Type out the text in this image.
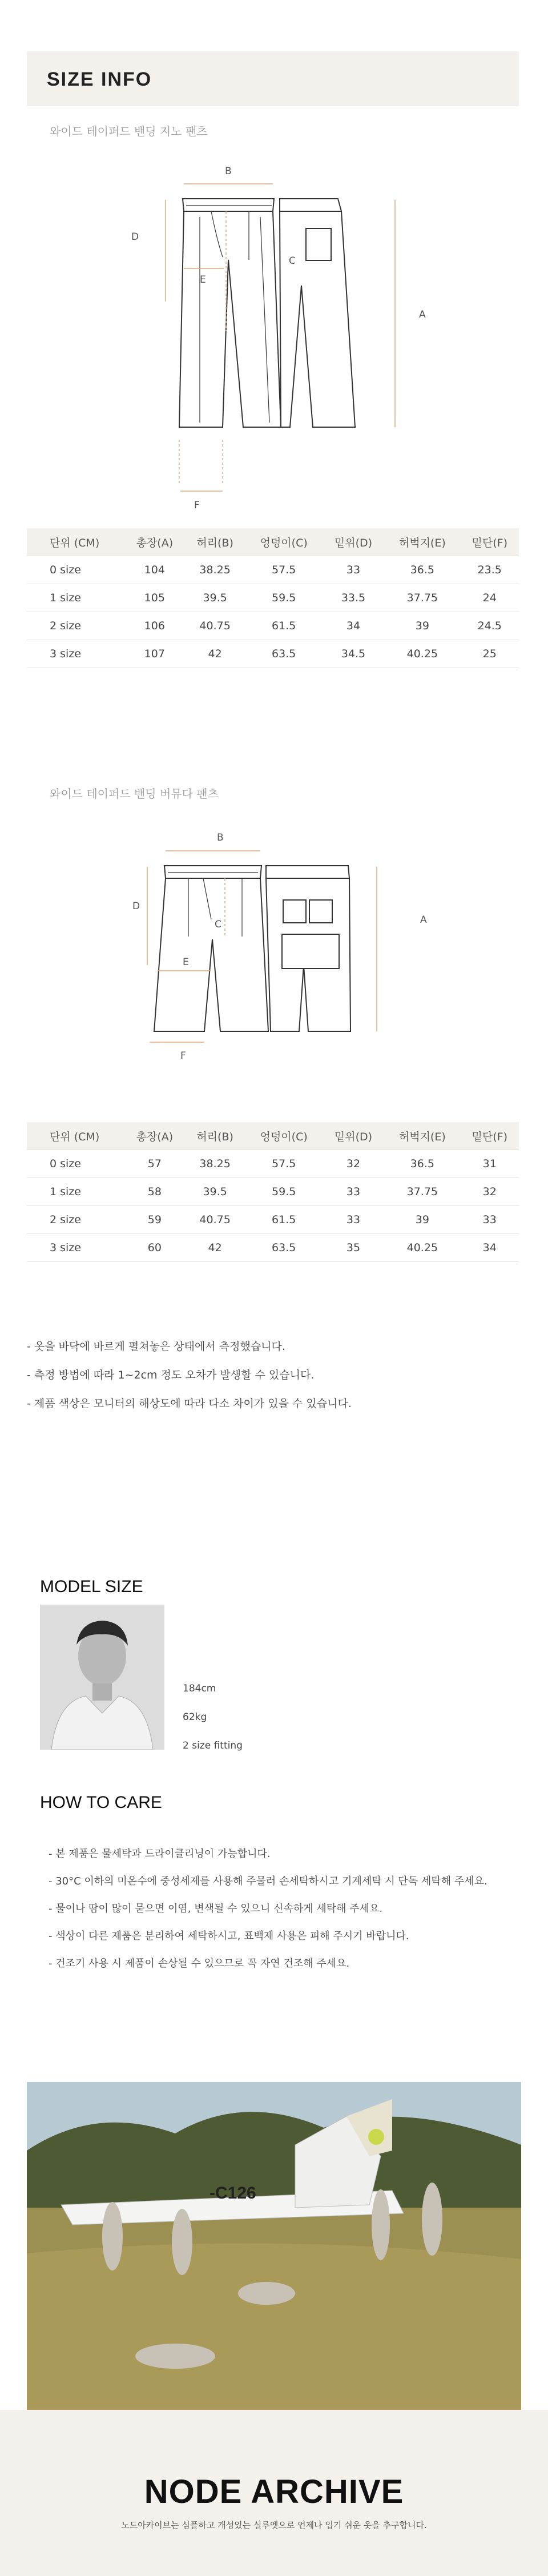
SIZE INFO
와이드 테이퍼드 밴딩 지노 팬츠
B
D
C
E
A
F
단위 (CM)	총장(A)	허리(B)	엉덩이(C)	밑위(D)	허벅지(E)	밑단(F)
0 size	104	38.25	57.5	33	36.5	23.5
1 size	105	39.5	59.5	33.5	37.75	24
2 size	106	40.75	61.5	34	39	24.5
3 size	107	42	63.5	34.5	40.25	25
와이드 테이퍼드 밴딩 버뮤다 팬츠
B
D
C
E
A
F
단위 (CM)	총장(A)	허리(B)	엉덩이(C)	밑위(D)	허벅지(E)	밑단(F)
0 size	57	38.25	57.5	32	36.5	31
1 size	58	39.5	59.5	33	37.75	32
2 size	59	40.75	61.5	33	39	33
3 size	60	42	63.5	35	40.25	34
- 옷을 바닥에 바르게 펼쳐놓은 상태에서 측정했습니다.
- 측정 방법에 따라 1~2cm 정도 오차가 발생할 수 있습니다.
- 제품 색상은 모니터의 해상도에 따라 다소 차이가 있을 수 있습니다.
MODEL SIZE
184cm
62kg
2 size fitting
HOW TO CARE
- 본 제품은 물세탁과 드라이클리닝이 가능합니다.
- 30°C 이하의 미온수에 중성세제를 사용해 주물러 손세탁하시고 기계세탁 시 단독 세탁해 주세요.
- 물이나 땀이 많이 묻으면 이염, 변색될 수 있으니 신속하게 세탁해 주세요.
- 색상이 다른 제품은 분리하여 세탁하시고, 표백제 사용은 피해 주시기 바랍니다.
- 건조기 사용 시 제품이 손상될 수 있으므로 꼭 자연 건조해 주세요.
-C126
NODE ARCHIVE
노드아카이브는 심플하고 개성있는 실루엣으로 언제나 입기 쉬운 옷을 추구합니다.
